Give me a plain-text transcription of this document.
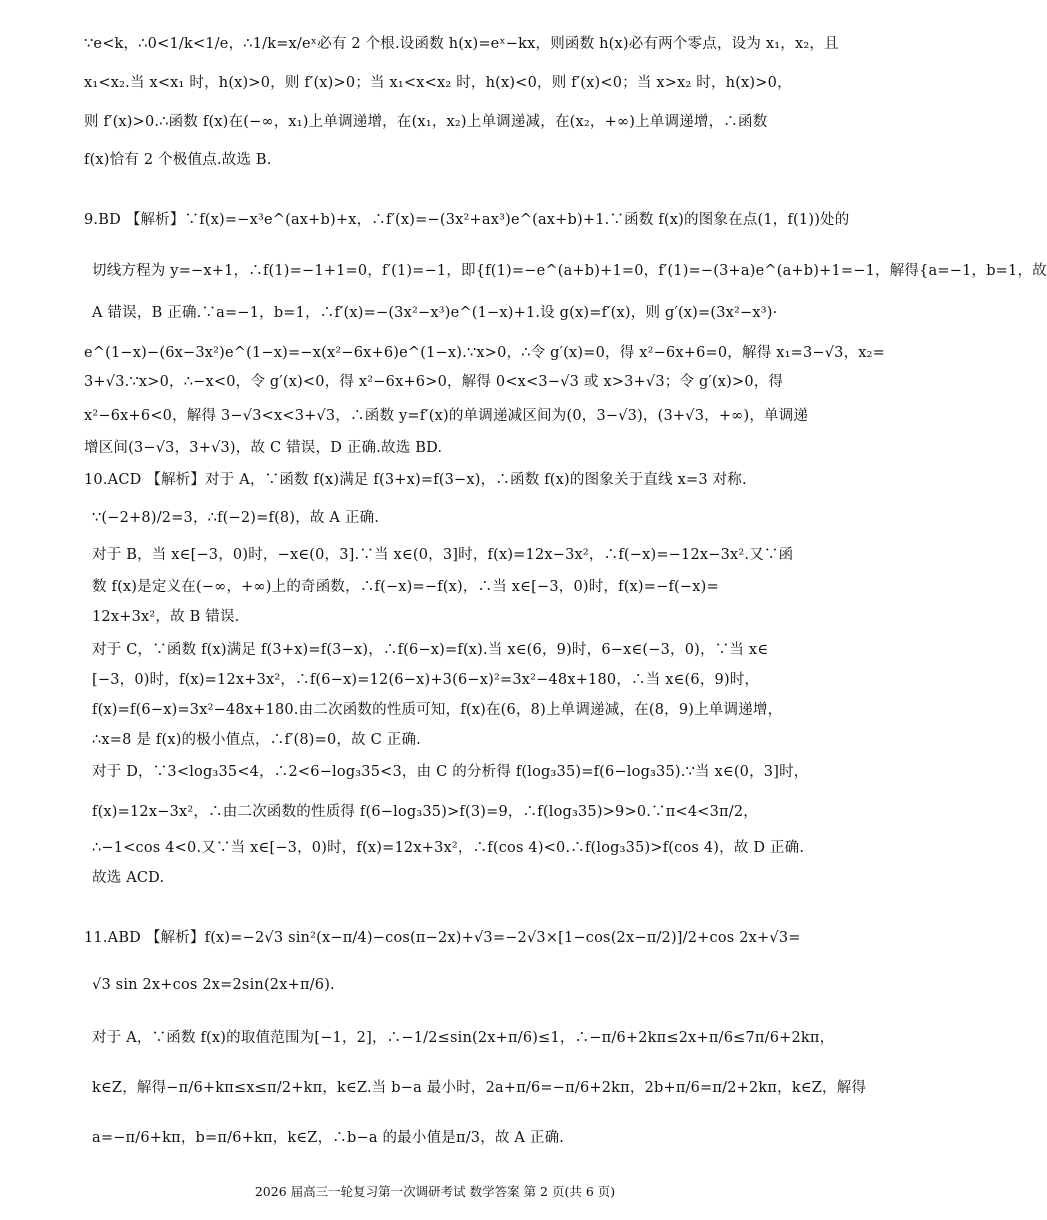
∵e<k，∴0<1/k<1/e，∴1/k=x/eˣ必有 2 个根.设函数 h(x)=eˣ−kx，则函数 h(x)必有两个零点，设为 x₁，x₂，且
x₁<x₂.当 x<x₁ 时，h(x)>0，则 f′(x)>0；当 x₁<x<x₂ 时，h(x)<0，则 f′(x)<0；当 x>x₂ 时，h(x)>0，
则 f′(x)>0.∴函数 f(x)在(−∞，x₁)上单调递增，在(x₁，x₂)上单调递减，在(x₂，+∞)上单调递增，∴函数
f(x)恰有 2 个极值点.故选 B.
9.BD 【解析】∵f(x)=−x³e^(ax+b)+x，∴f′(x)=−(3x²+ax³)e^(ax+b)+1.∵函数 f(x)的图象在点(1，f(1))处的
切线方程为 y=−x+1，∴f(1)=−1+1=0，f′(1)=−1，即{f(1)=−e^(a+b)+1=0，f′(1)=−(3+a)e^(a+b)+1=−1，解得{a=−1，b=1，故
A 错误，B 正确.∵a=−1，b=1，∴f′(x)=−(3x²−x³)e^(1−x)+1.设 g(x)=f′(x)，则 g′(x)=(3x²−x³)·
e^(1−x)−(6x−3x²)e^(1−x)=−x(x²−6x+6)e^(1−x).∵x>0，∴令 g′(x)=0，得 x²−6x+6=0，解得 x₁=3−√3，x₂=
3+√3.∵x>0，∴−x<0，令 g′(x)<0，得 x²−6x+6>0，解得 0<x<3−√3 或 x>3+√3；令 g′(x)>0，得
x²−6x+6<0，解得 3−√3<x<3+√3，∴函数 y=f′(x)的单调递减区间为(0，3−√3)，(3+√3，+∞)，单调递
增区间(3−√3，3+√3)，故 C 错误，D 正确.故选 BD.
10.ACD 【解析】对于 A，∵函数 f(x)满足 f(3+x)=f(3−x)，∴函数 f(x)的图象关于直线 x=3 对称.
∵(−2+8)/2=3，∴f(−2)=f(8)，故 A 正确.
对于 B，当 x∈[−3，0)时，−x∈(0，3].∵当 x∈(0，3]时，f(x)=12x−3x²，∴f(−x)=−12x−3x².又∵函
数 f(x)是定义在(−∞，+∞)上的奇函数，∴f(−x)=−f(x)，∴当 x∈[−3，0)时，f(x)=−f(−x)=
12x+3x²，故 B 错误.
对于 C，∵函数 f(x)满足 f(3+x)=f(3−x)，∴f(6−x)=f(x).当 x∈(6，9)时，6−x∈(−3，0)，∵当 x∈
[−3，0)时，f(x)=12x+3x²，∴f(6−x)=12(6−x)+3(6−x)²=3x²−48x+180，∴当 x∈(6，9)时，
f(x)=f(6−x)=3x²−48x+180.由二次函数的性质可知，f(x)在(6，8)上单调递减，在(8，9)上单调递增，
∴x=8 是 f(x)的极小值点，∴f′(8)=0，故 C 正确.
对于 D，∵3<log₃35<4，∴2<6−log₃35<3，由 C 的分析得 f(log₃35)=f(6−log₃35).∵当 x∈(0，3]时，
f(x)=12x−3x²，∴由二次函数的性质得 f(6−log₃35)>f(3)=9，∴f(log₃35)>9>0.∵π<4<3π/2，
∴−1<cos 4<0.又∵当 x∈[−3，0)时，f(x)=12x+3x²，∴f(cos 4)<0.∴f(log₃35)>f(cos 4)，故 D 正确.
故选 ACD.
11.ABD 【解析】f(x)=−2√3 sin²(x−π/4)−cos(π−2x)+√3=−2√3×[1−cos(2x−π/2)]/2+cos 2x+√3=
√3 sin 2x+cos 2x=2sin(2x+π/6).
对于 A，∵函数 f(x)的取值范围为[−1，2]，∴−1/2≤sin(2x+π/6)≤1，∴−π/6+2kπ≤2x+π/6≤7π/6+2kπ，
k∈Z，解得−π/6+kπ≤x≤π/2+kπ，k∈Z.当 b−a 最小时，2a+π/6=−π/6+2kπ，2b+π/6=π/2+2kπ，k∈Z，解得
a=−π/6+kπ，b=π/6+kπ，k∈Z，∴b−a 的最小值是π/3，故 A 正确.
2026 届高三一轮复习第一次调研考试 数学答案 第 2 页(共 6 页)
